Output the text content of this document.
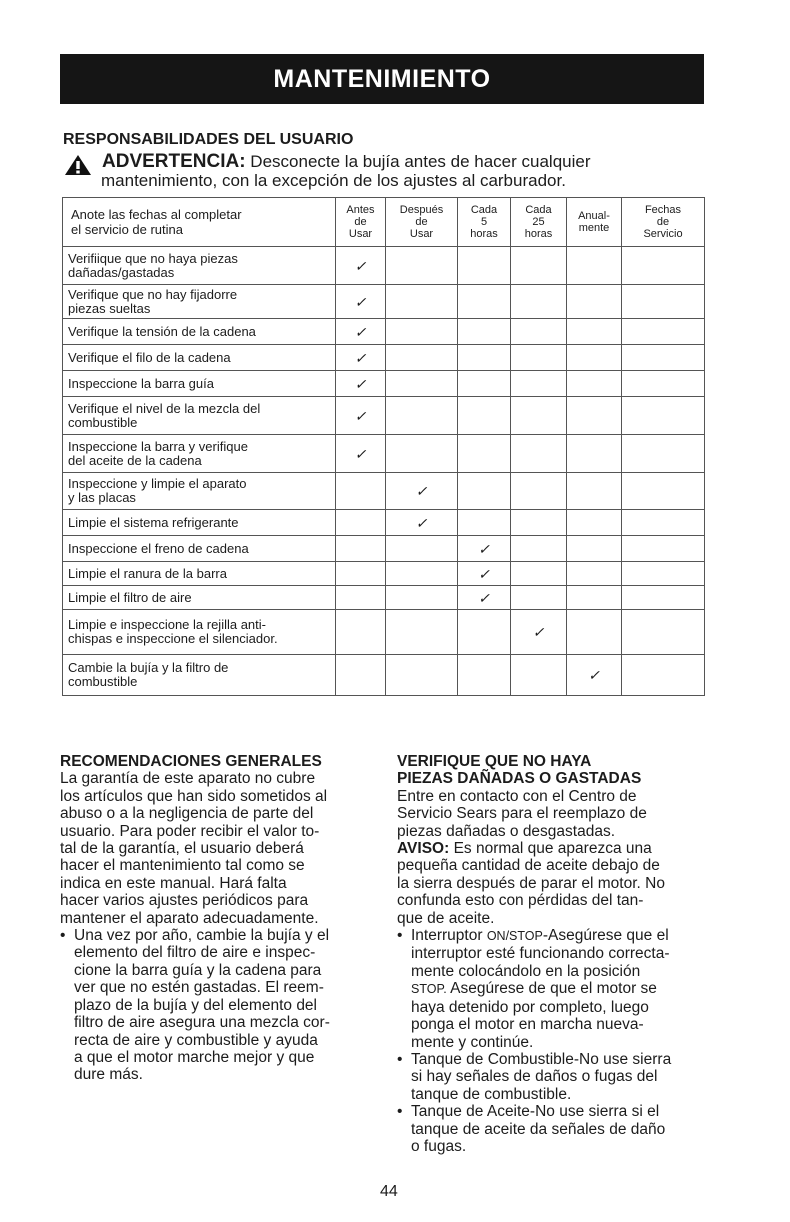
MANTENIMIENTO
RESPONSABILIDADES DEL USUARIO
ADVERTENCIA: Desconecte la bujía antes de hacer cualquier
mantenimiento, con la excepción de los ajustes al carburador.
Anote las fechas al completar
el servicio de rutina	Antes
de
Usar	Después
de
Usar	Cada
5
horas	Cada
25
horas	Anual-
mente	Fechas
de
Servicio
Verifiique que no haya piezas
dañadas/gastadas	✓					
Verifique que no hay fijadorre
piezas sueltas	✓					
Verifique la tensión de la cadena	✓					
Verifique el filo de la cadena	✓					
Inspeccione la barra guía	✓					
Verifique el nivel de la mezcla del
combustible	✓					
Inspeccione la barra y verifique
del aceite de la cadena	✓					
Inspeccione y limpie el aparato
y las placas		✓				
Limpie el sistema refrigerante		✓				
Inspeccione el freno de cadena			✓			
Limpie el ranura de la barra			✓			
Limpie el filtro de aire			✓			
Limpie e inspeccione la rejilla anti-
chispas e inspeccione el silenciador.				✓		
Cambie la bujía y la filtro de
combustible					✓	
RECOMENDACIONES GENERALES

La garantía de este aparato no cubre

los artículos que han sido sometidos al

abuso o a la negligencia de parte del

usuario. Para poder recibir el valor to-

tal de la garantía, el usuario deberá

hacer el mantenimiento tal como se

indica en este manual. Hará falta

hacer varios ajustes periódicos para

mantener el aparato adecuadamente.

• Una vez por año, cambie la bujía y el

elemento del filtro de aire e inspec-

cione la barra guía y la cadena para

ver que no estén gastadas. El reem-

plazo de la bujía y del elemento del

filtro de aire asegura una mezcla cor-

recta de aire y combustible y ayuda

a que el motor marche mejor y que

dure más.

VERIFIQUE QUE NO HAYA
PIEZAS DAÑADAS O GASTADAS

Entre en contacto con el Centro de

Servicio Sears para el reemplazo de

piezas dañadas o desgastadas.

AVISO: Es normal que aparezca una

pequeña cantidad de aceite debajo de

la sierra después de parar el motor. No

confunda esto con pérdidas del tan-

que de aceite.

• Interruptor ON/STOP-Asegúrese que el

interruptor esté funcionando correcta-

mente colocándolo en la posición

STOP. Asegúrese de que el motor se

haya detenido por completo, luego

ponga el motor en marcha nueva-

mente y continúe.

• Tanque de Combustible-No use sierra

si hay señales de daños o fugas del

tanque de combustible.

• Tanque de Aceite-No use sierra si el

tanque de aceite da señales de daño

o fugas.

44
